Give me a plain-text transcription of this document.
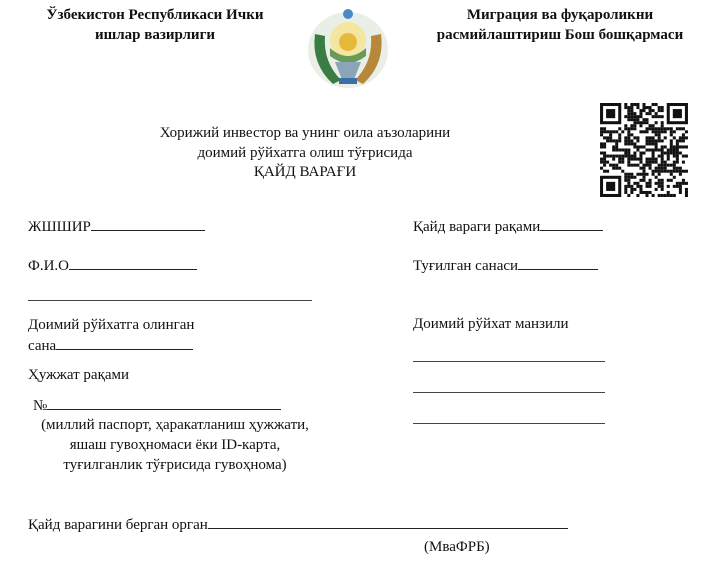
Ўзбекистон Республикаси Ички
ишлар вазирлиги
Миграция ва фуқароликни
расмийлаштириш Бош бошқармаси
Хорижий инвестор ва унинг оила аъзоларини
доимий рўйхатга олиш тўғрисида
ҚАЙД ВАРАҒИ
ЖШШИР	Қайд вараги рақами
Ф.И.О	Туғилган санаси
Доимий рўйхатга олинган
сана
Доимий рўйхат манзили
Ҳужжат рақами
№
(миллий паспорт, ҳаракатланиш ҳужжати,
яшаш гувоҳномаси ёки ID-карта,
туғилганлик тўғрисида гувоҳнома)
Қайд варагини берган орган
(МваФРБ)
